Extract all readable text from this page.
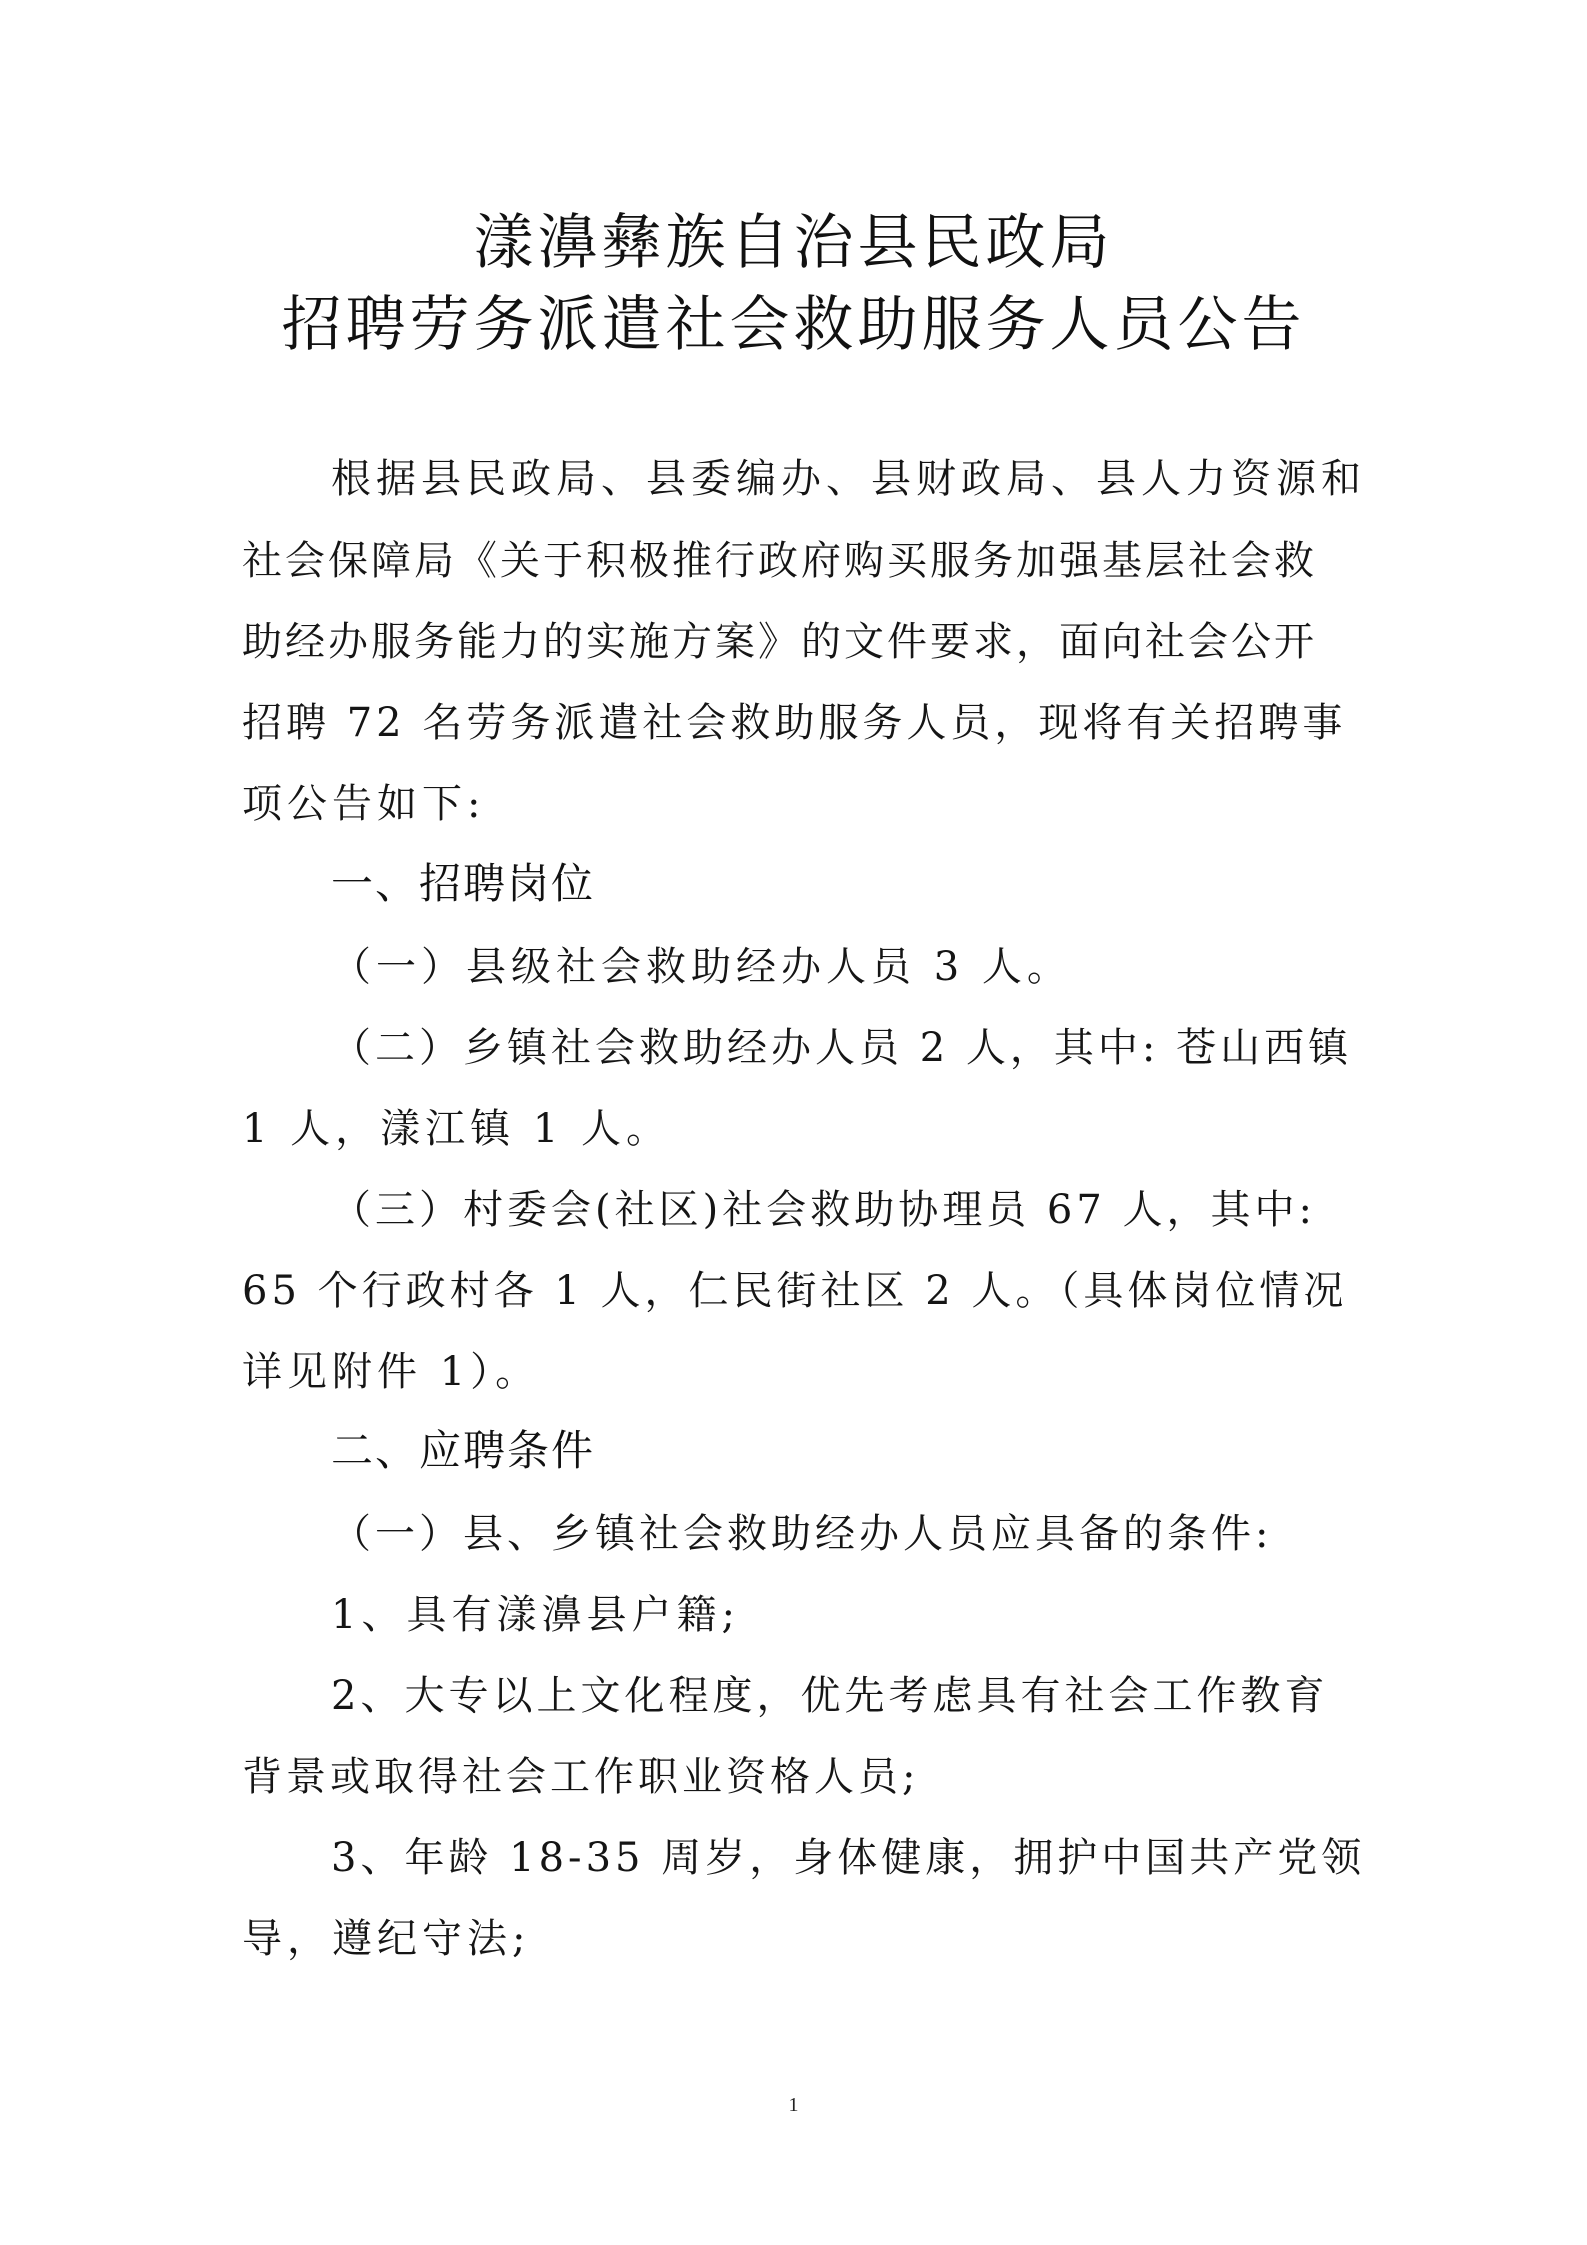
漾濞彝族自治县民政局
招聘劳务派遣社会救助服务人员公告
根据县民政局、县委编办、县财政局、县人力资源和
社会保障局《关于积极推行政府购买服务加强基层社会救
助经办服务能力的实施方案》的文件要求，面向社会公开
招聘 72 名劳务派遣社会救助服务人员，现将有关招聘事
项公告如下:
一、招聘岗位
（一）县级社会救助经办人员 3 人。
（二）乡镇社会救助经办人员 2 人，其中: 苍山西镇
1 人，漾江镇 1 人。
（三）村委会(社区)社会救助协理员 67 人，其中:
65 个行政村各 1 人，仁民街社区 2 人。（具体岗位情况
详见附件 1）。
二、应聘条件
（一）县、乡镇社会救助经办人员应具备的条件:
1、具有漾濞县户籍;
2、大专以上文化程度，优先考虑具有社会工作教育
背景或取得社会工作职业资格人员;
3、年龄 18-35 周岁，身体健康，拥护中国共产党领
导，遵纪守法;
1
